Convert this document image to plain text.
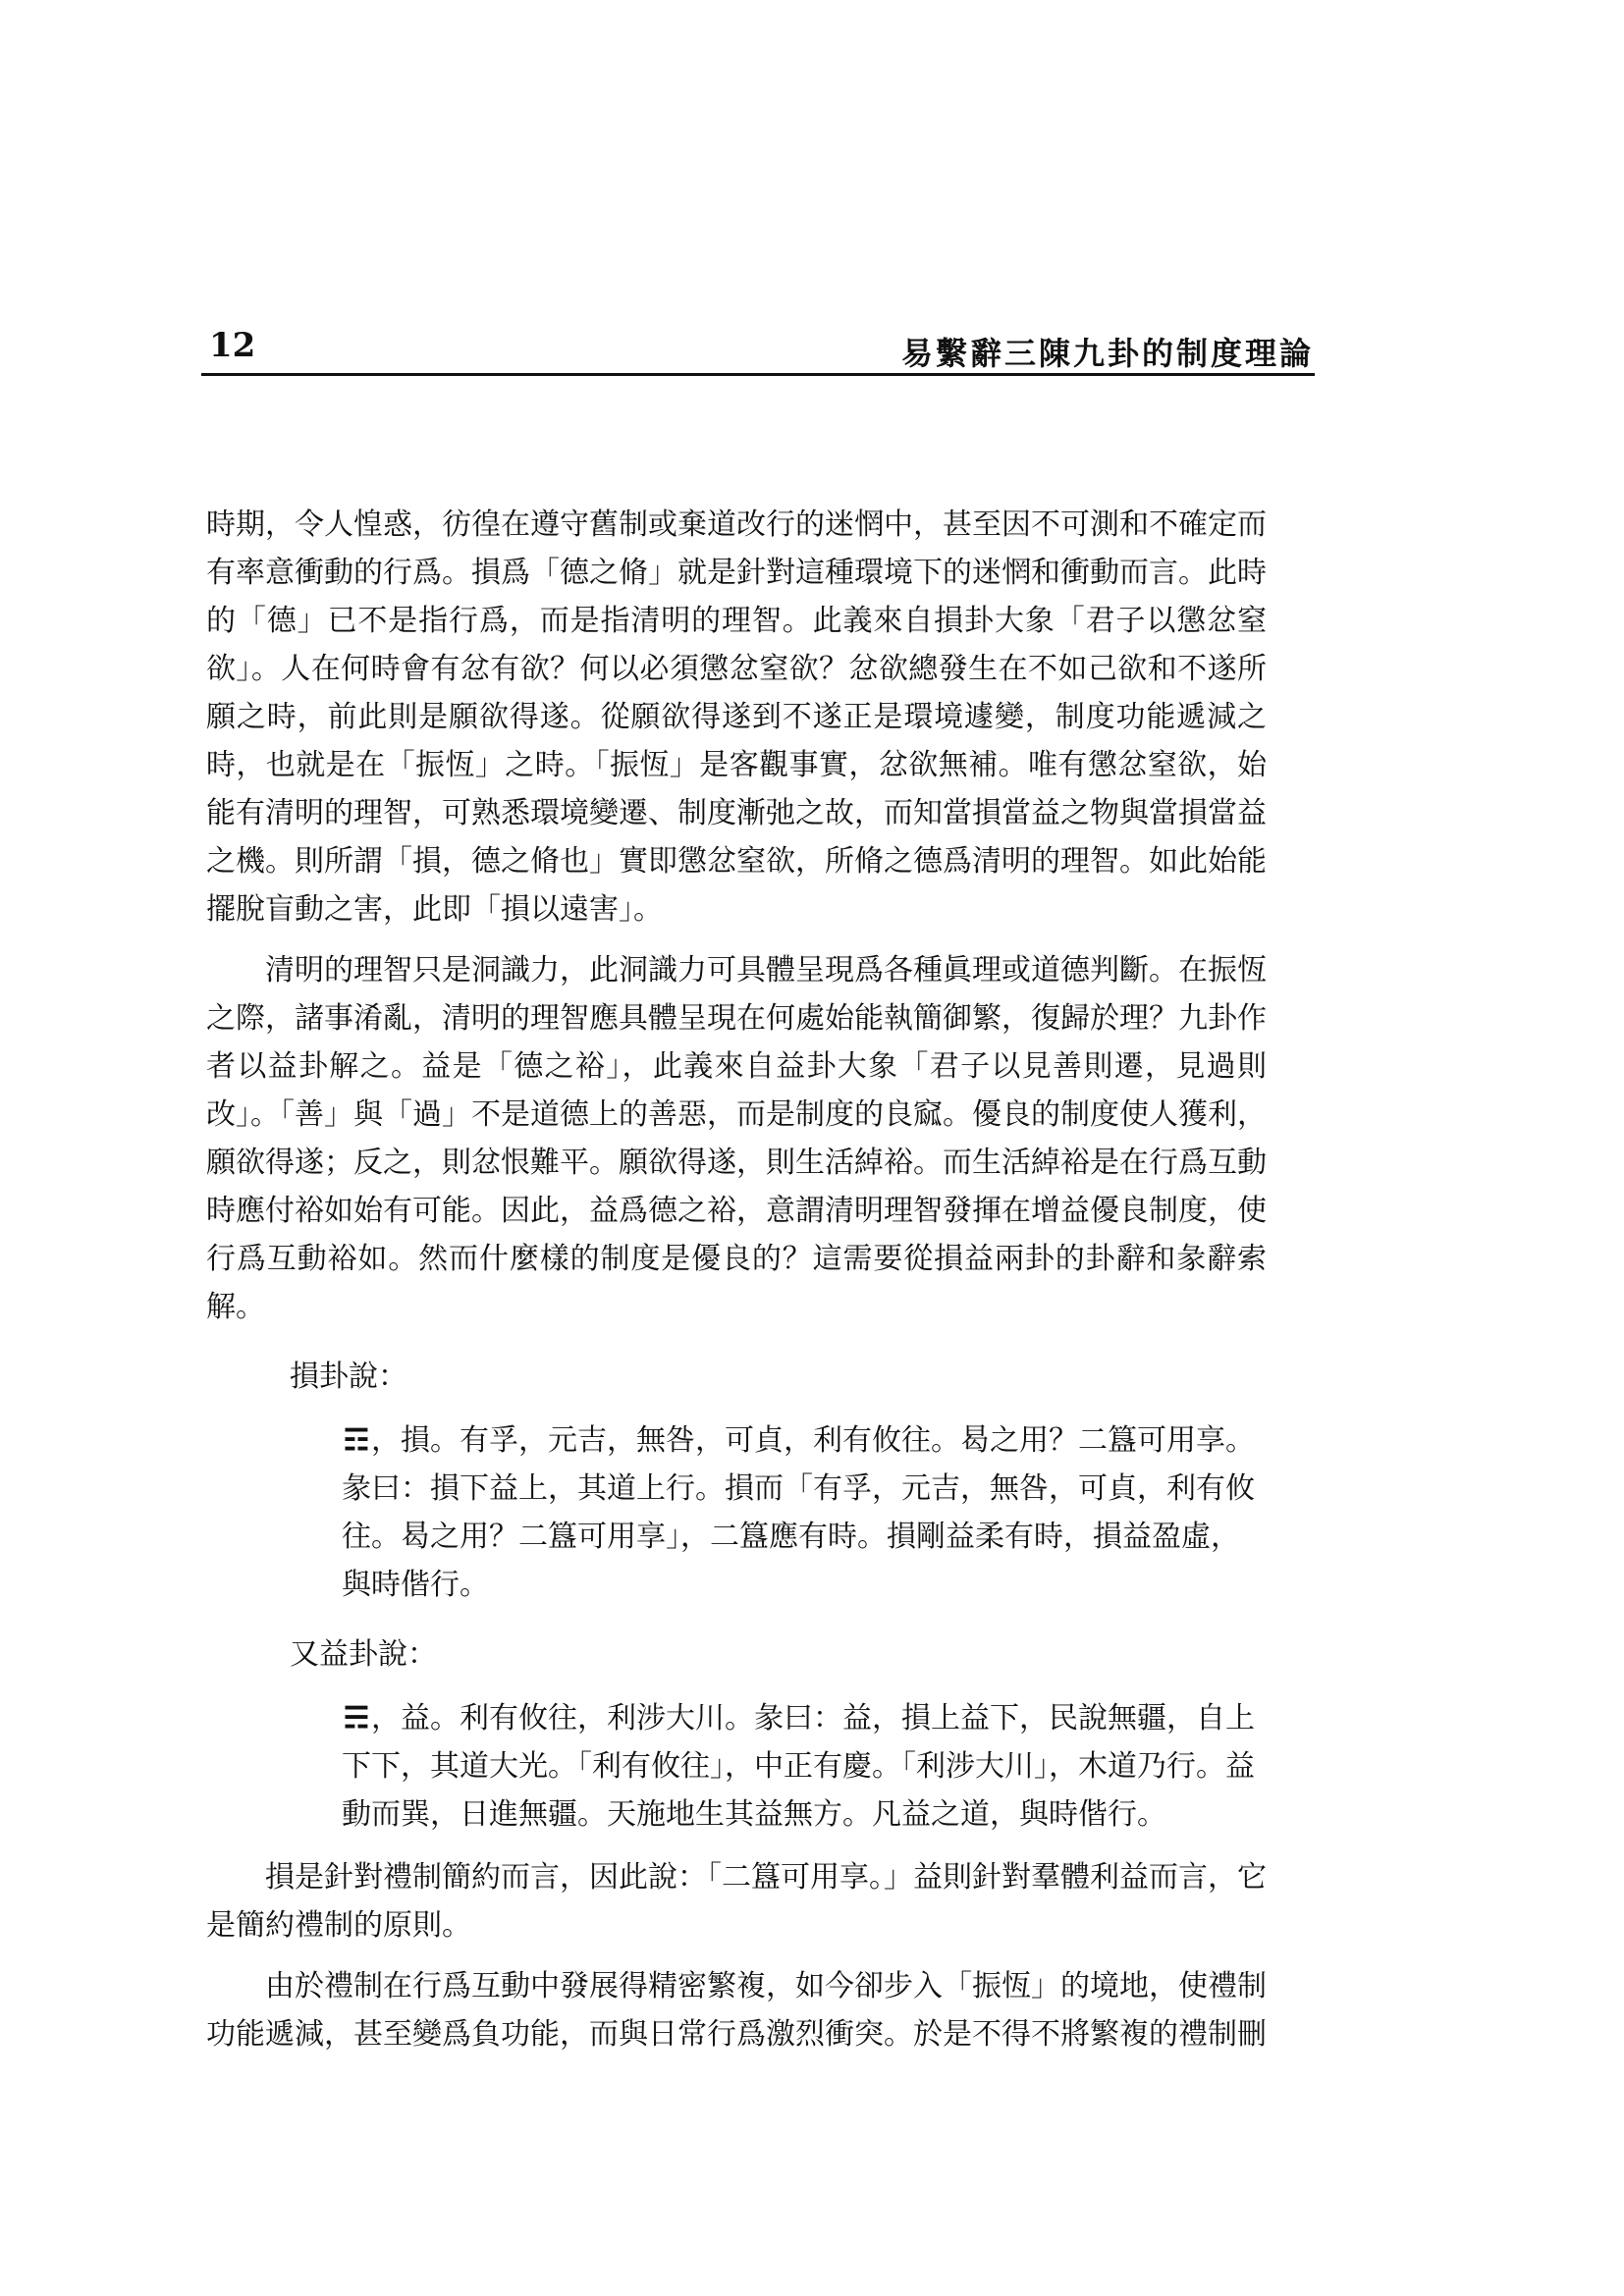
12	易繫辭三陳九卦的制度理論

時期，令人惶惑，彷徨在遵守舊制或棄道改行的迷惘中，甚至因不可測和不確定而有率意衝動的行爲。損爲「德之脩」就是針對這種環境下的迷惘和衝動而言。此時的「德」已不是指行爲，而是指清明的理智。此義來自損卦大象「君子以懲忿窒欲」。人在何時會有忿有欲？何以必須懲忿窒欲？忿欲總發生在不如己欲和不遂所願之時，前此則是願欲得遂。從願欲得遂到不遂正是環境遽變，制度功能遞減之時，也就是在「振恆」之時。「振恆」是客觀事實，忿欲無補。唯有懲忿窒欲，始能有清明的理智，可熟悉環境變遷、制度漸弛之故，而知當損當益之物與當損當益之機。則所謂「損，德之脩也」實即懲忿窒欲，所脩之德爲清明的理智。如此始能擺脫盲動之害，此即「損以遠害」。

清明的理智只是洞識力，此洞識力可具體呈現爲各種眞理或道德判斷。在振恆之際，諸事淆亂，清明的理智應具體呈現在何處始能執簡御繁，復歸於理？九卦作者以益卦解之。益是「德之裕」，此義來自益卦大象「君子以見善則遷，見過則改」。「善」與「過」不是道德上的善惡，而是制度的良窳。優良的制度使人獲利，願欲得遂；反之，則忿恨難平。願欲得遂，則生活綽裕。而生活綽裕是在行爲互動時應付裕如始有可能。因此，益爲德之裕，意謂清明理智發揮在增益優良制度，使行爲互動裕如。然而什麼樣的制度是優良的？這需要從損益兩卦的卦辭和彖辭索解。

損卦說：
☶，損。有孚，元吉，無咎，可貞，利有攸往。曷之用？二簋可用享。彖曰：損下益上，其道上行。損而「有孚，元吉，無咎，可貞，利有攸往。曷之用？二簋可用享」，二簋應有時。損剛益柔有時，損益盈虛，與時偕行。
又益卦說：
☴，益。利有攸往，利涉大川。彖曰：益，損上益下，民說無疆，自上下下，其道大光。「利有攸往」，中正有慶。「利涉大川」，木道乃行。益動而巽，日進無疆。天施地生其益無方。凡益之道，與時偕行。

損是針對禮制簡約而言，因此說：「二簋可用享。」益則針對羣體利益而言，它是簡約禮制的原則。

由於禮制在行爲互動中發展得精密繁複，如今卻步入「振恆」的境地，使禮制功能遞減，甚至變爲負功能，而與日常行爲激烈衝突。於是不得不將繁複的禮制刪
